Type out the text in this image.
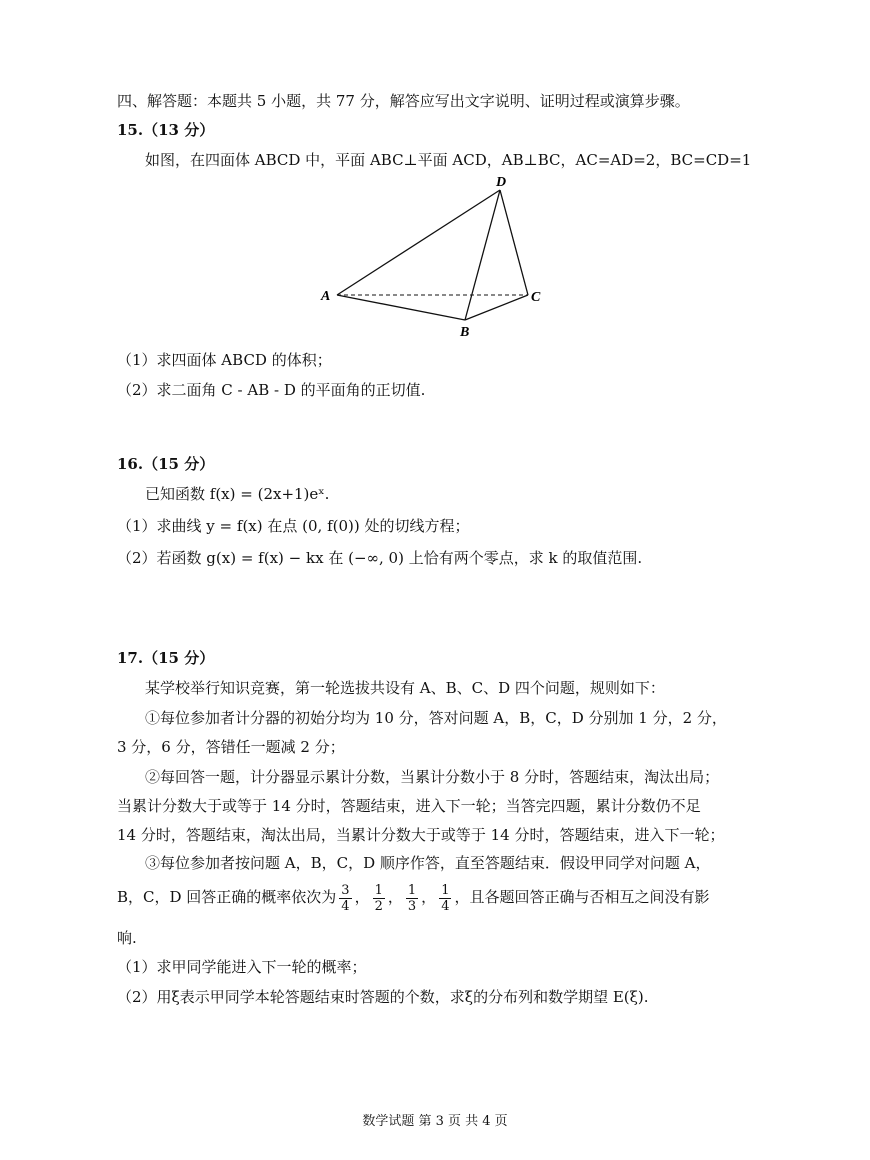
四、解答题：本题共 5 小题，共 77 分，解答应写出文字说明、证明过程或演算步骤。
15.（13 分）
如图，在四面体 ABCD 中，平面 ABC⊥平面 ACD，AB⊥BC，AC=AD=2，BC=CD=1
A
B
C
D
（1）求四面体 ABCD 的体积；
（2）求二面角 C - AB - D 的平面角的正切值.
16.（15 分）
已知函数 f(x) = (2x+1)eˣ.
（1）求曲线 y = f(x) 在点 (0, f(0)) 处的切线方程；
（2）若函数 g(x) = f(x) − kx 在 (−∞, 0) 上恰有两个零点，求 k 的取值范围.
17.（15 分）
某学校举行知识竞赛，第一轮选拔共设有 A、B、C、D 四个问题，规则如下：
①每位参加者计分器的初始分均为 10 分，答对问题 A，B，C，D 分别加 1 分，2 分，
3 分，6 分，答错任一题减 2 分；
②每回答一题，计分器显示累计分数，当累计分数小于 8 分时，答题结束，淘汰出局；
当累计分数大于或等于 14 分时，答题结束，进入下一轮；当答完四题，累计分数仍不足
14 分时，答题结束，淘汰出局，当累计分数大于或等于 14 分时，答题结束，进入下一轮；
③每位参加者按问题 A，B，C，D 顺序作答，直至答题结束．假设甲同学对问题 A，
B，C，D 回答正确的概率依次为 $\frac{3}{4}$ ， $\frac{1}{2}$ ， $\frac{1}{3}$ ， $\frac{1}{4}$ ，且各题回答正确与否相互之间没有影
响.
（1）求甲同学能进入下一轮的概率；
（2）用ξ表示甲同学本轮答题结束时答题的个数，求ξ的分布列和数学期望 E(ξ).
数学试题 第 3 页 共 4 页
